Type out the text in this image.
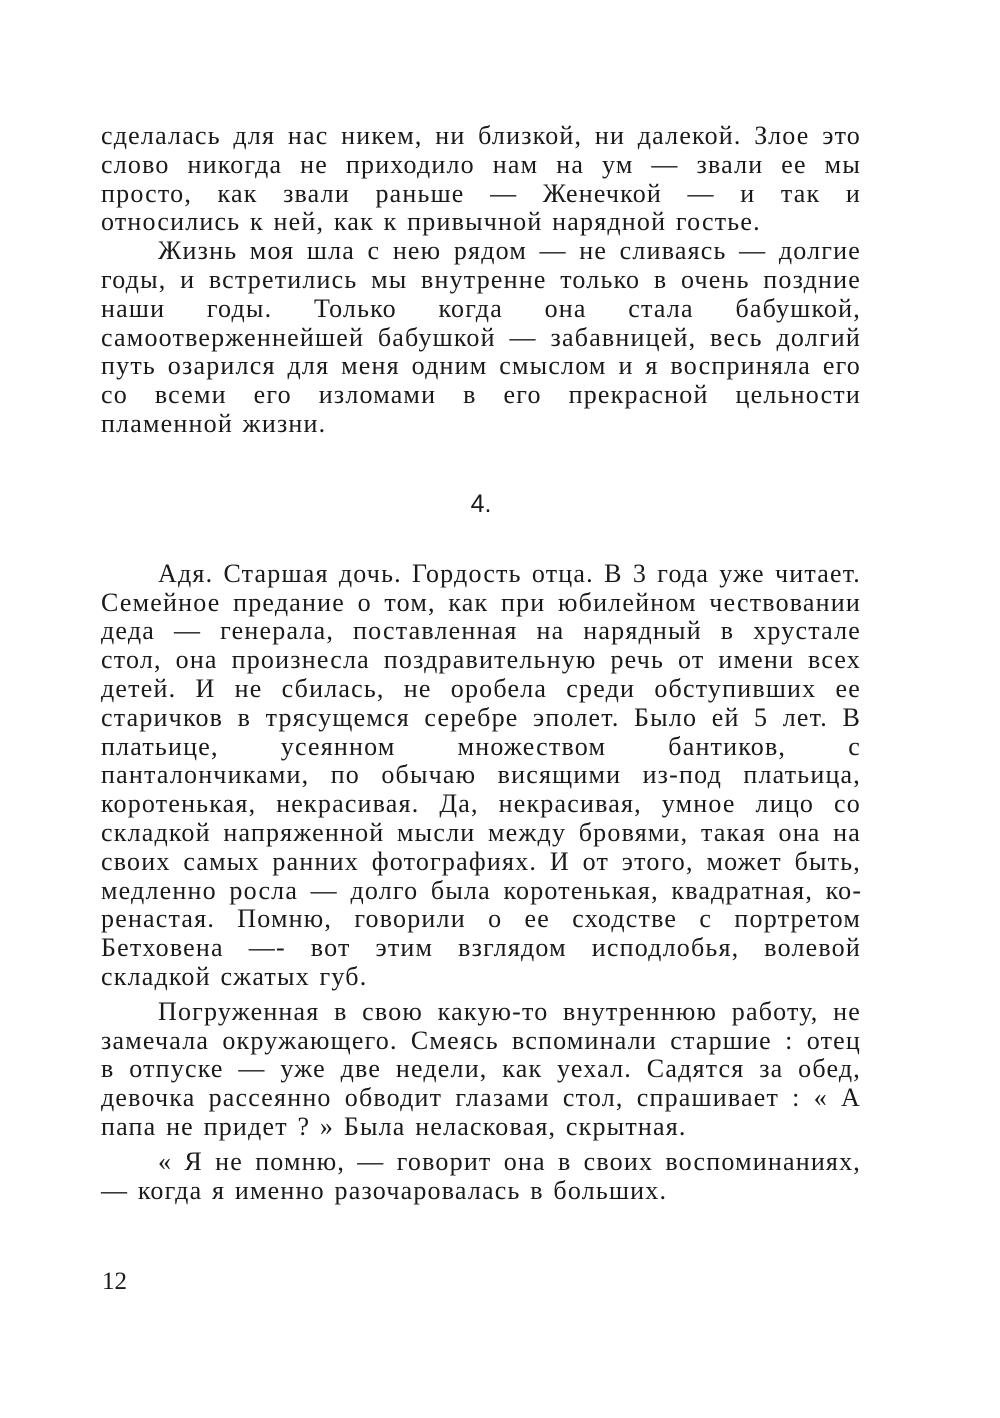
сделалась для нас никем, ни близкой, ни далекой. Злое это слово никогда не приходило нам на ум — звали ее мы просто, как звали раньше — Женечкой — и так и относились к ней, как к привычной нарядной гостье.

Жизнь моя шла с нею рядом — не сливаясь — долгие годы, и встретились мы внутренне только в очень поздние наши годы. Только когда она стала бабушкой, самоотверженнейшей бабушкой — забавницей, весь долгий путь озарился для меня одним смыслом и я восприняла его со всеми его изломами в его прекрасной цельности пламенной жизни.

4.

Адя. Старшая дочь. Гордость отца. В 3 года уже читает. Семейное предание о том, как при юбилейном чествовании деда — генерала, поставленная на нарядный в хрустале стол, она произнесла поздравительную речь от имени всех детей. И не сбилась, не оробела среди обступивших ее старичков в трясущемся серебре эполет. Было ей 5 лет. В платьице, усеянном множеством бантиков, с панталончиками, по обычаю висящими из-под платьица, коротенькая, некрасивая. Да, некрасивая, умное лицо со складкой напряженной мысли между бровями, такая она на своих самых ранних фотографиях. И от этого, может быть, медленно росла — долго была коротенькая, квадратная, коренастая. Помню, говорили о ее сходстве с портретом Бетховена —- вот этим взглядом исподлобья, волевой складкой сжатых губ.

Погруженная в свою какую-то внутреннюю работу, не замечала окружающего. Смеясь вспоминали старшие : отец в отпуске — уже две недели, как уехал. Садятся за обед, девочка рассеянно обводит глазами стол, спрашивает : « А папа не придет ? » Была неласковая, скрытная.

« Я не помню, — говорит она в своих воспоминаниях, — когда я именно разочаровалась в больших.

12
